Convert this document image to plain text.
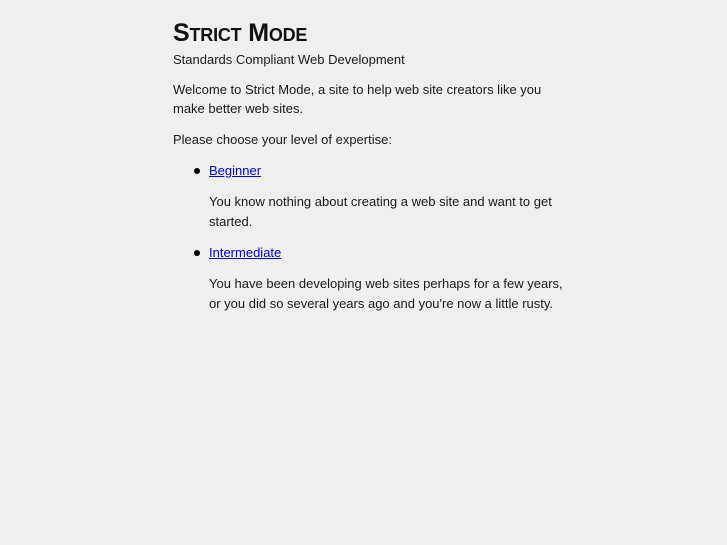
Strict Mode

Standards Compliant Web Development

Welcome to Strict Mode, a site to help web site creators like you make better web sites.

Please choose your level of expertise:

Beginner

You know nothing about creating a web site and want to get started.

Intermediate

You have been developing web sites perhaps for a few years, or you did so several years ago and you're now a little rusty.
